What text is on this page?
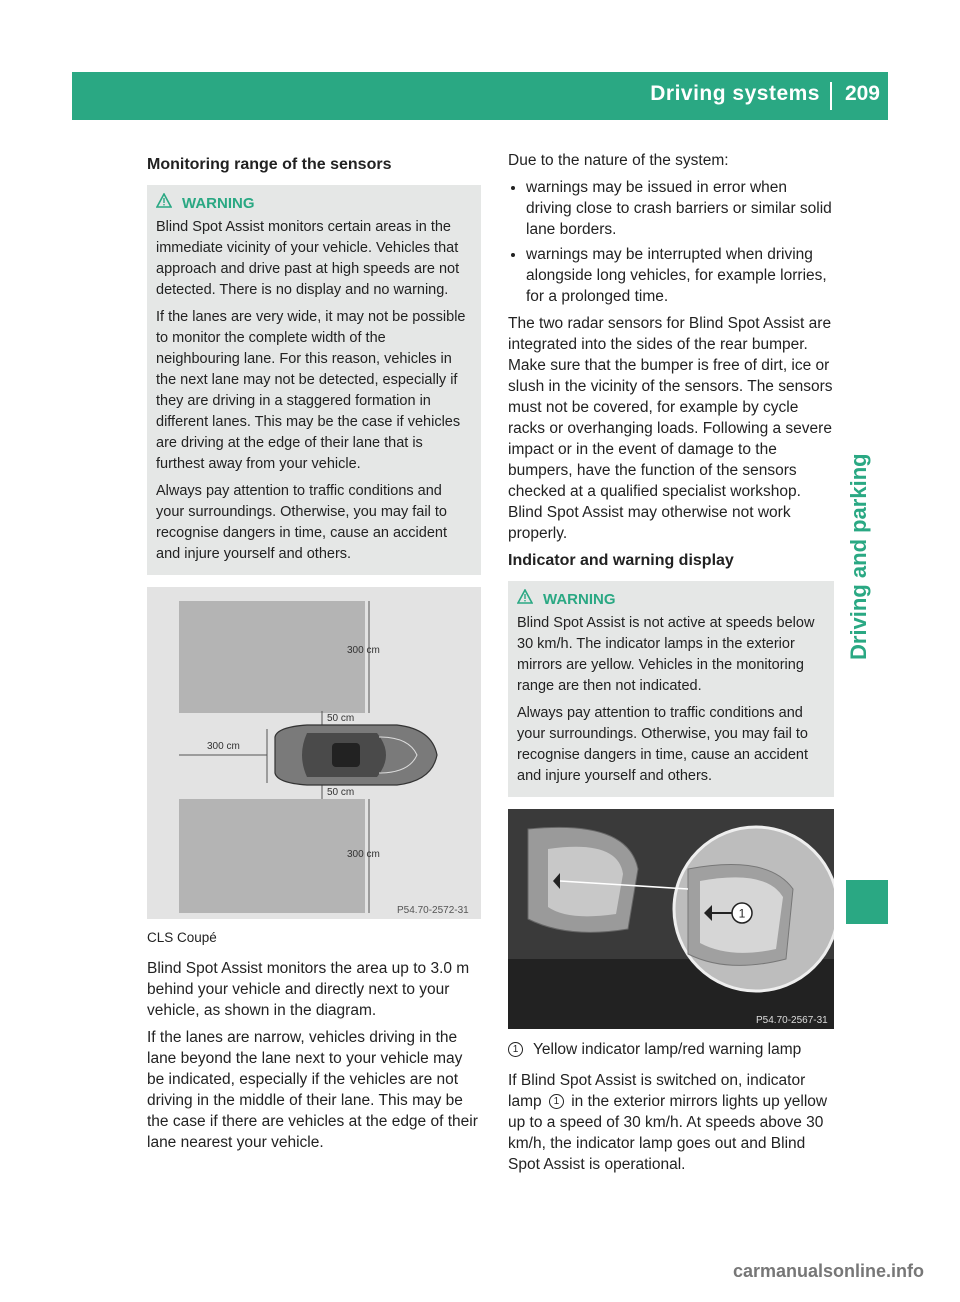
Driving systems 209
Driving and parking
Monitoring range of the sensors
WARNING

Blind Spot Assist monitors certain areas in the immediate vicinity of your vehicle. Vehicles that approach and drive past at high speeds are not detected. There is no display and no warning.

If the lanes are very wide, it may not be possible to monitor the complete width of the neighbouring lane. For this reason, vehicles in the next lane may not be detected, especially if they are driving in a staggered formation in different lanes. This may be the case if vehicles are driving at the edge of their lane that is furthest away from your vehicle.

Always pay attention to traffic conditions and your surroundings. Otherwise, you may fail to recognise dangers in time, cause an accident and injure yourself and others.

300 cm
50 cm
300 cm
50 cm
300 cm
P54.70-2572-31
CLS Coupé

Blind Spot Assist monitors the area up to 3.0 m behind your vehicle and directly next to your vehicle, as shown in the diagram.

If the lanes are narrow, vehicles driving in the lane beyond the lane next to your vehicle may be indicated, especially if the vehicles are not driving in the middle of their lane. This may be the case if there are vehicles at the edge of their lane nearest your vehicle.

Due to the nature of the system:

• warnings may be issued in error when driving close to crash barriers or similar solid lane borders.
• warnings may be interrupted when driving alongside long vehicles, for example lorries, for a prolonged time.

The two radar sensors for Blind Spot Assist are integrated into the sides of the rear bumper. Make sure that the bumper is free of dirt, ice or slush in the vicinity of the sensors. The sensors must not be covered, for example by cycle racks or overhanging loads. Following a severe impact or in the event of damage to the bumpers, have the function of the sensors checked at a qualified specialist workshop. Blind Spot Assist may otherwise not work properly.

Indicator and warning display
WARNING

Blind Spot Assist is not active at speeds below 30 km/h. The indicator lamps in the exterior mirrors are yellow. Vehicles in the monitoring range are then not indicated.

Always pay attention to traffic conditions and your surroundings. Otherwise, you may fail to recognise dangers in time, cause an accident and injure yourself and others.

1
P54.70-2567-31
1 Yellow indicator lamp/red warning lamp

If Blind Spot Assist is switched on, indicator lamp 1 in the exterior mirrors lights up yellow up to a speed of 30 km/h. At speeds above 30 km/h, the indicator lamp goes out and Blind Spot Assist is operational.

carmanualsonline.info
